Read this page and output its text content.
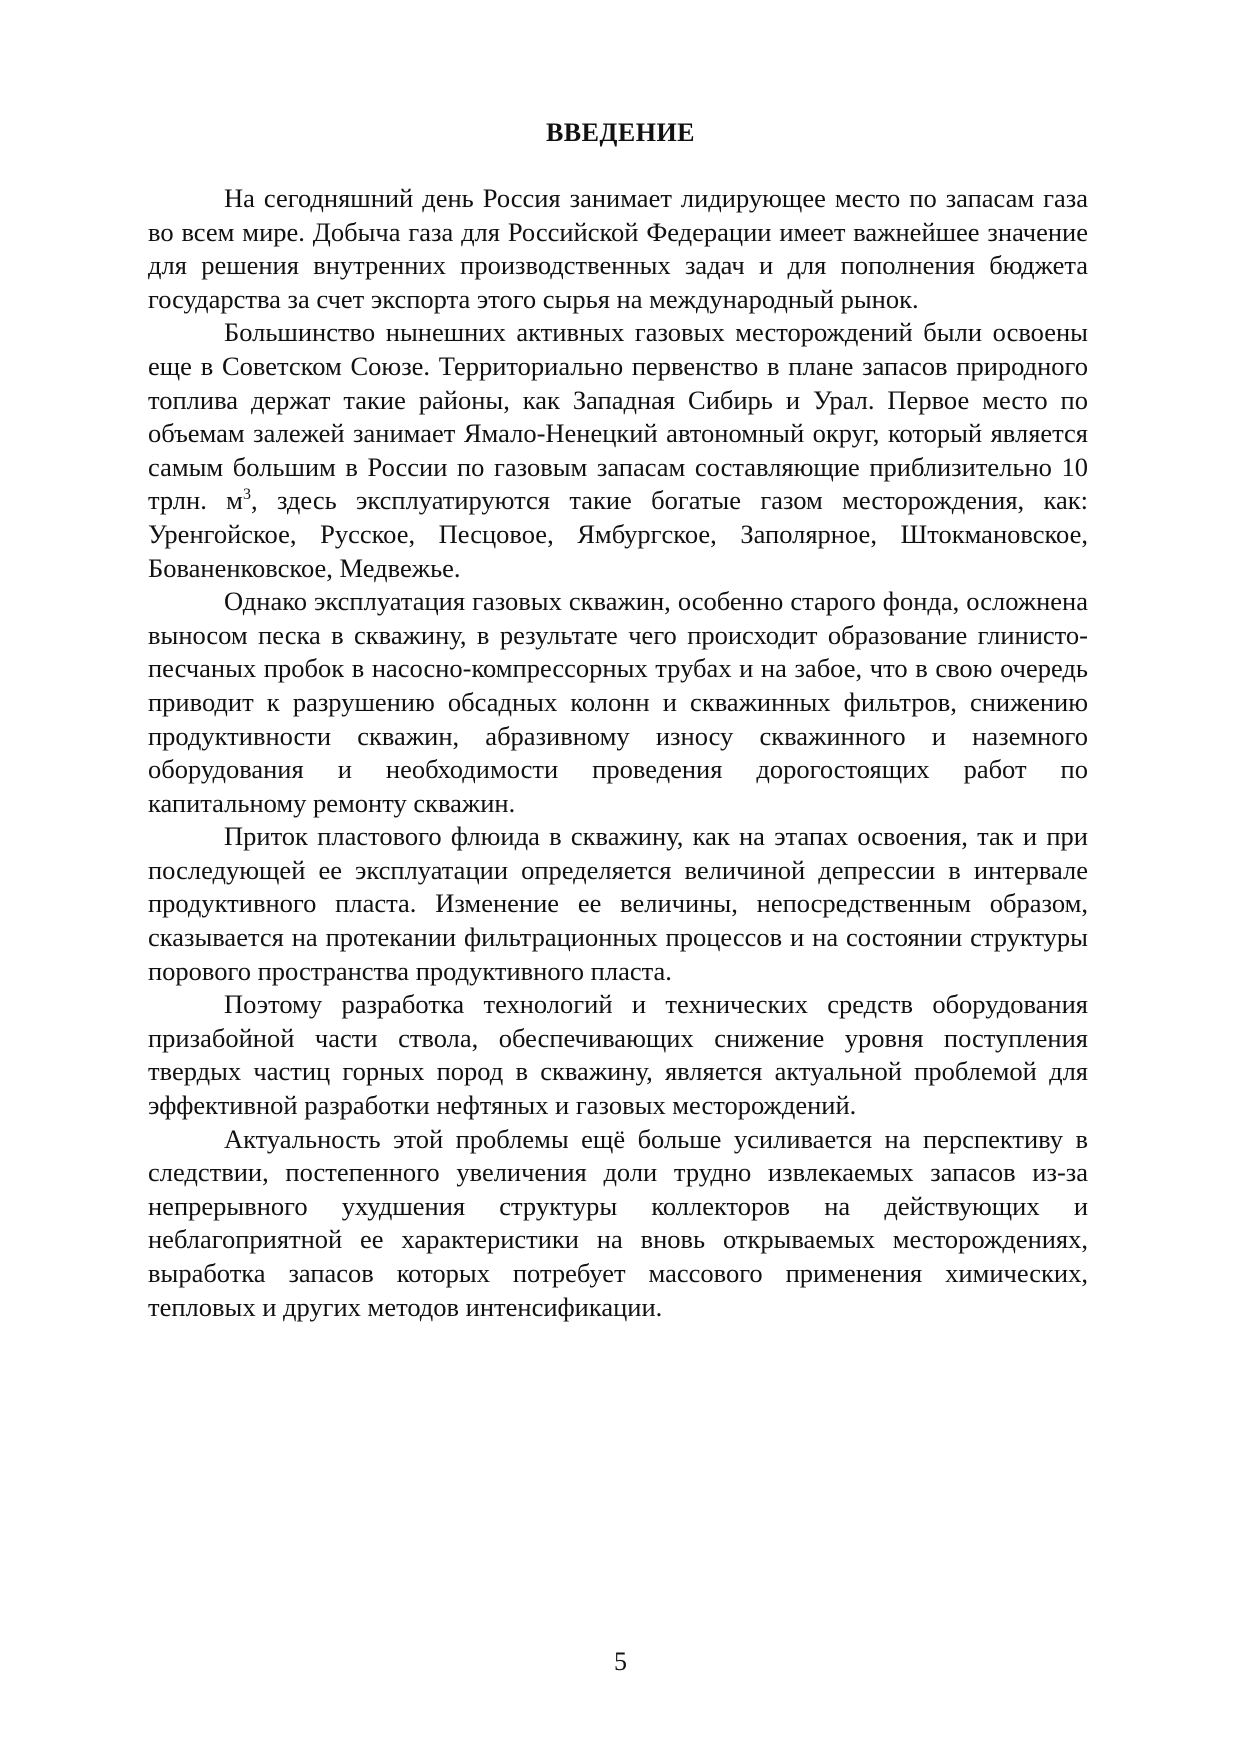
ВВЕДЕНИЕ

На сегодняшний день Россия занимает лидирующее место по запасам газа во всем мире. Добыча газа для Российской Федерации имеет важнейшее значение для решения внутренних производственных задач и для пополнения бюджета государства за счет экспорта этого сырья на международный рынок.

Большинство нынешних активных газовых месторождений были освоены еще в Советском Союзе. Территориально первенство в плане запасов природного топлива держат такие районы, как Западная Сибирь и Урал. Первое место по объемам залежей занимает Ямало-Ненецкий автономный округ, который является самым большим в России по газовым запасам составляющие приблизительно 10 трлн. $м^3$, здесь эксплуатируются такие богатые газом месторождения, как: Уренгойское, Русское, Песцовое, Ямбургское, Заполярное, Штокмановское, Бованенковское, Медвежье.

Однако эксплуатация газовых скважин, особенно старого фонда, осложнена выносом песка в скважину, в результате чего происходит образование глинисто-песчаных пробок в насосно-компрессорных трубах и на забое, что в свою очередь приводит к разрушению обсадных колонн и скважинных фильтров, снижению продуктивности скважин, абразивному износу скважинного и наземного оборудования и необходимости проведения дорогостоящих работ по капитальному ремонту скважин.

Приток пластового флюида в скважину, как на этапах освоения, так и при последующей ее эксплуатации определяется величиной депрессии в интервале продуктивного пласта. Изменение ее величины, непосредственным образом, сказывается на протекании фильтрационных процессов и на состоянии структуры порового пространства продуктивного пласта.

Поэтому разработка технологий и технических средств оборудования призабойной части ствола, обеспечивающих снижение уровня поступления твердых частиц горных пород в скважину, является актуальной проблемой для эффективной разработки нефтяных и газовых месторождений.

Актуальность этой проблемы ещё больше усиливается на перспективу в следствии, постепенного увеличения доли трудно извлекаемых запасов из-за непрерывного ухудшения структуры коллекторов на действующих и неблагоприятной ее характеристики на вновь открываемых месторождениях, выработка запасов которых потребует массового применения химических, тепловых и других методов интенсификации.

5
